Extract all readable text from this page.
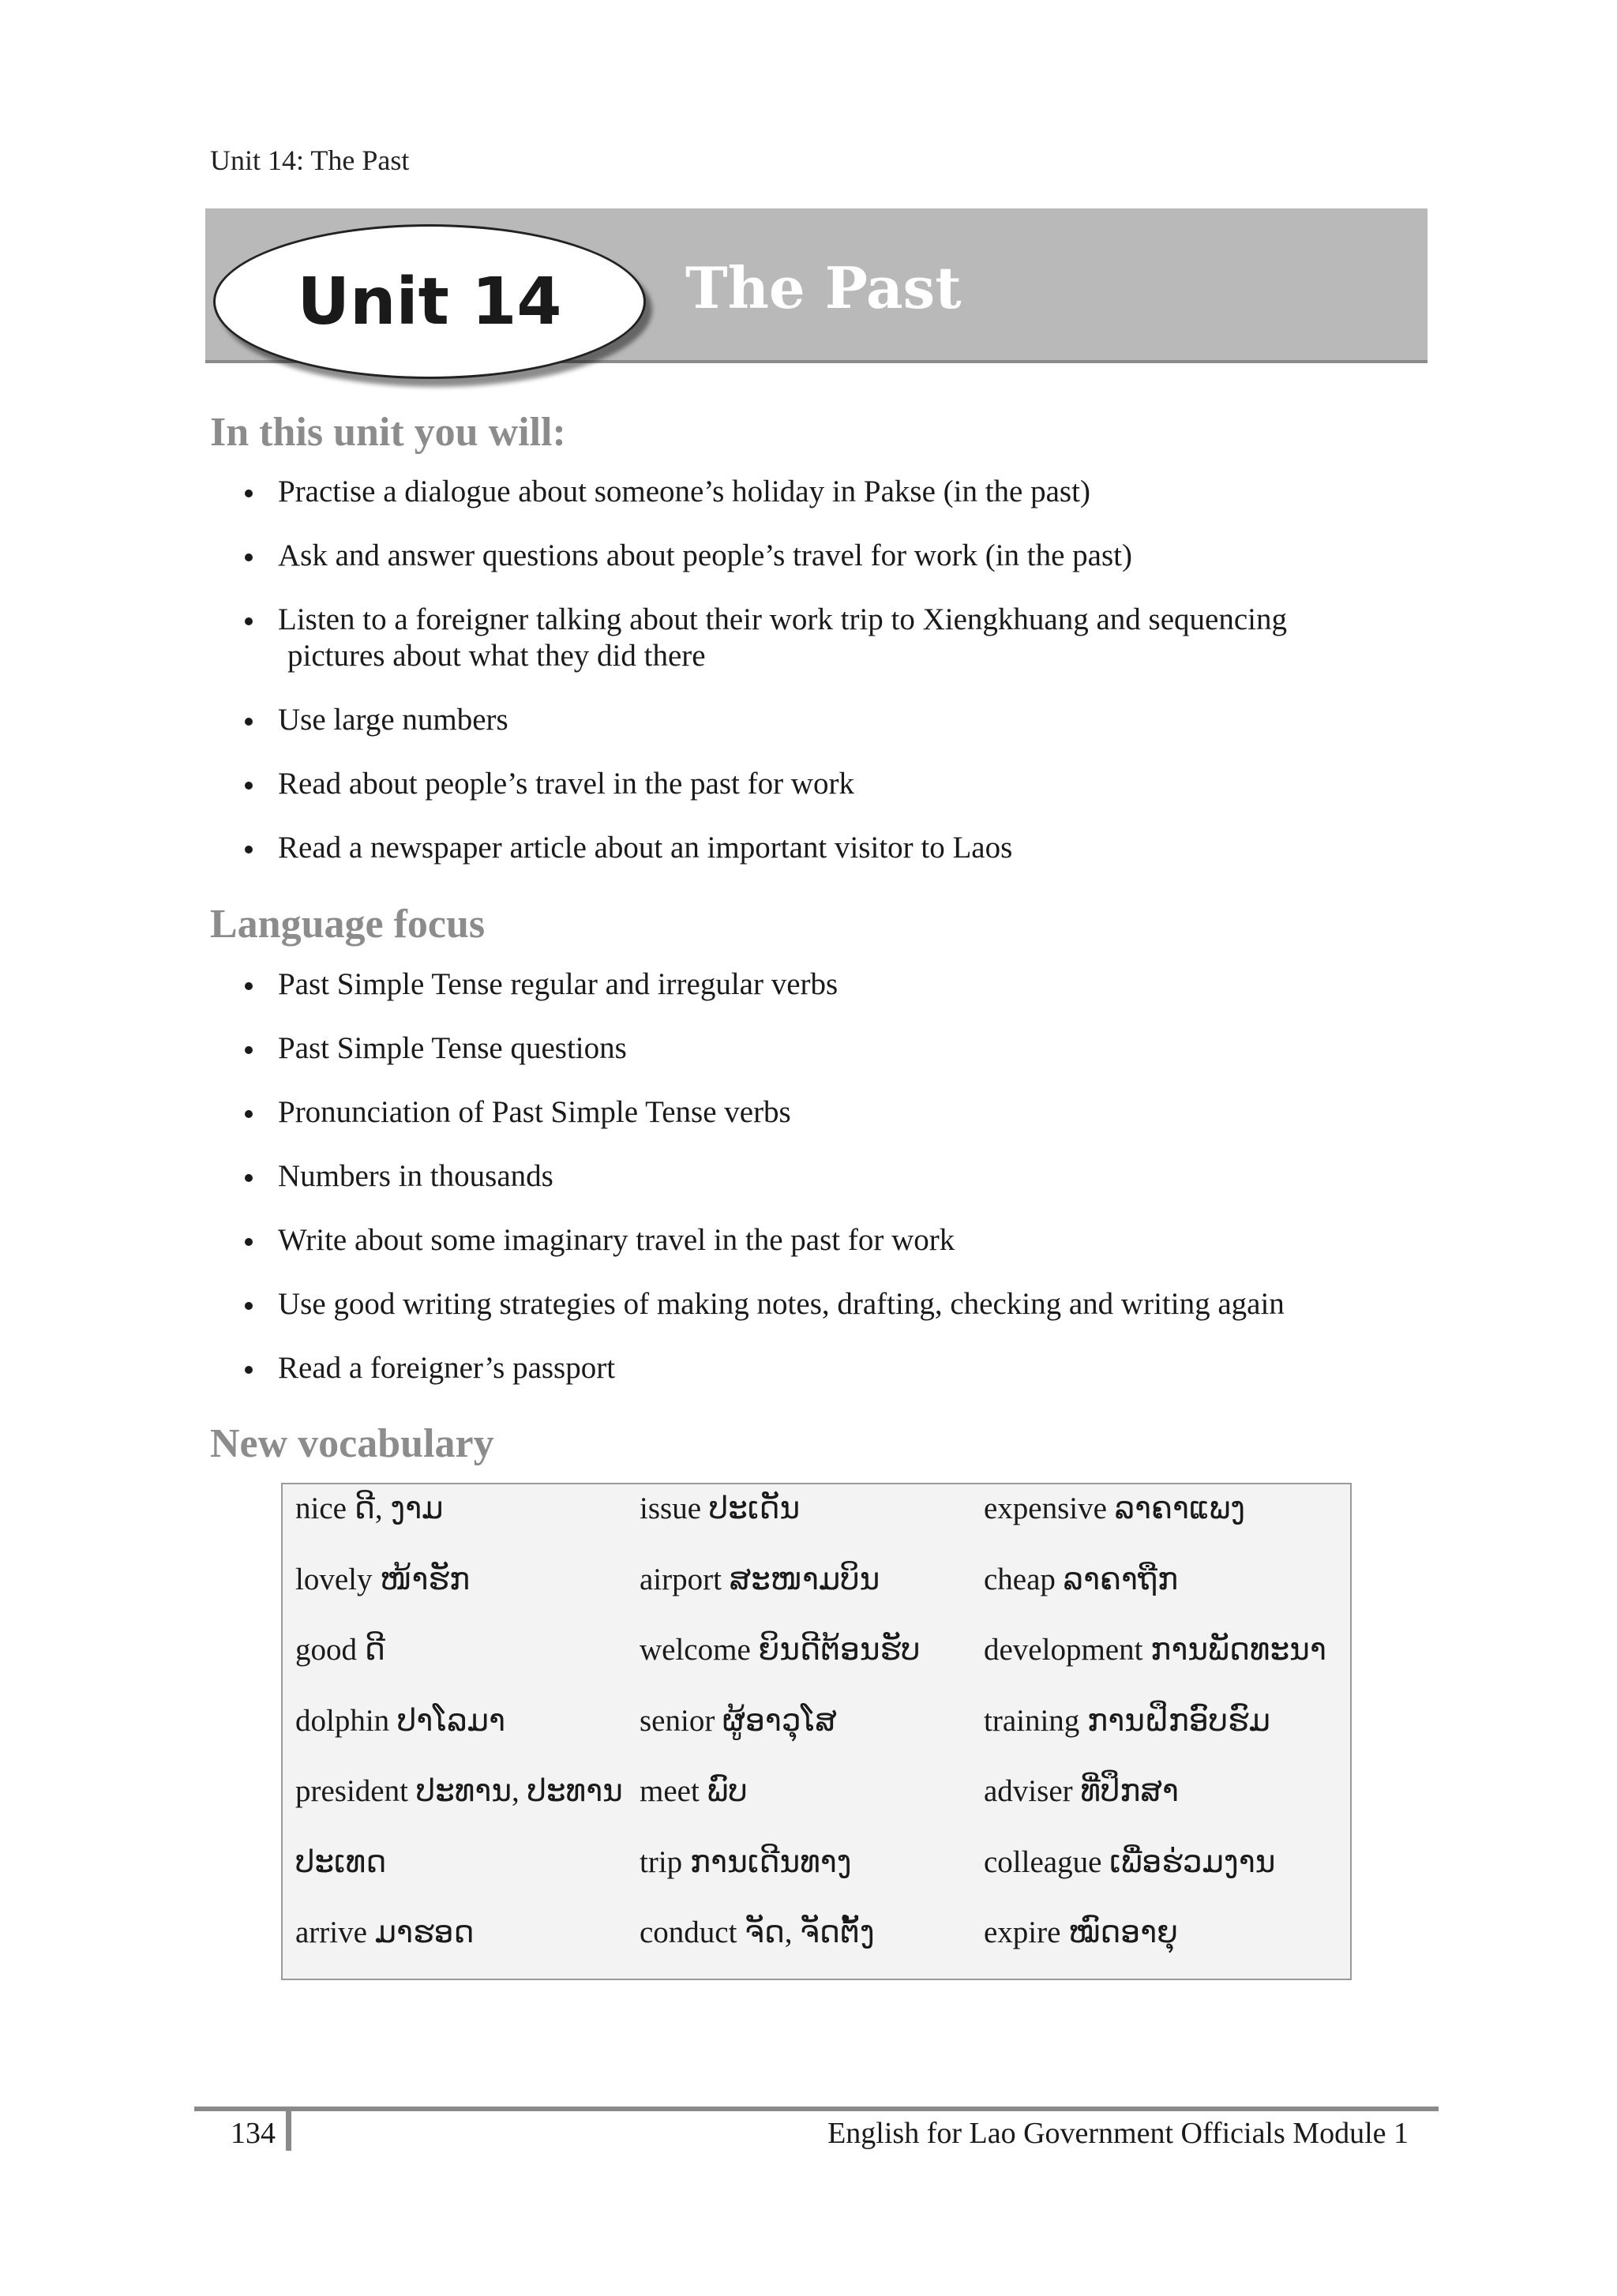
Unit 14: The Past
Unit 14 The Past
In this unit you will:
Practise a dialogue about someone’s holiday in Pakse (in the past)
Ask and answer questions about people’s travel for work (in the past)
Listen to a foreigner talking about their work trip to Xiengkhuang and sequencing
pictures about what they did there
Use large numbers
Read about people’s travel in the past for work
Read a newspaper article about an important visitor to Laos
Language focus
Past Simple Tense regular and irregular verbs
Past Simple Tense questions
Pronunciation of Past Simple Tense verbs
Numbers in thousands
Write about some imaginary travel in the past for work
Use good writing strategies of making notes, drafting, checking and writing again
Read a foreigner’s passport
New vocabulary
nice ດີ, ງາມ
lovely ໜ້າຮັກ
good ດີ
dolphin ປາໂລມາ
president ປະທານ, ປະທານ
ປະເທດ
arrive ມາຮອດ
issue ປະເດັນ
airport ສະໜາມບິນ
welcome ຍິນດີຕ້ອນຮັບ
senior ຜູ້ອາວຸໂສ
meet ພົບ
trip ການເດີນທາງ
conduct ຈັດ, ຈັດຕັ້ງ
expensive ລາຄາແພງ
cheap ລາຄາຖືກ
development ການພັດທະນາ
training ການຝຶກອົບຮົມ
adviser ທີ່ປຶກສາ
colleague ເພື່ອຮ່ວມງານ
expire ໝົດອາຍຸ
134	English for Lao Government Officials Module 1
